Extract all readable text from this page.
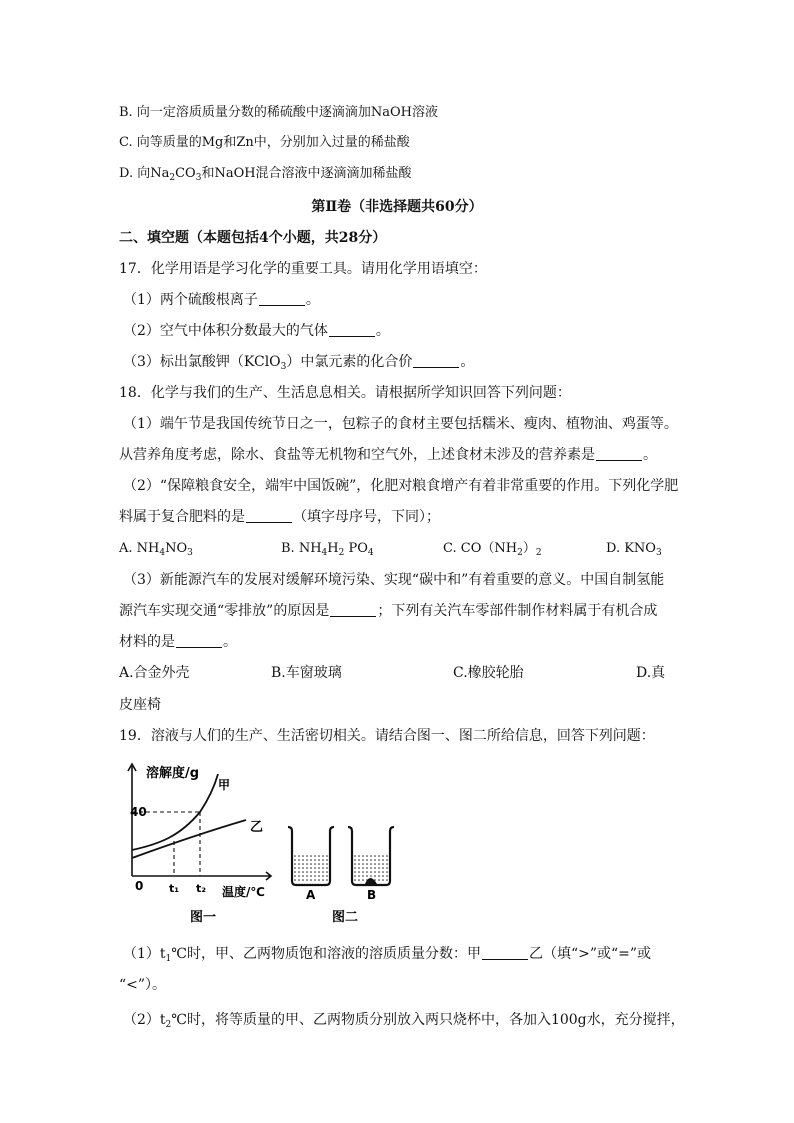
B. 向一定溶质质量分数的稀硫酸中逐滴滴加NaOH溶液
C. 向等质量的Mg和Zn中，分别加入过量的稀盐酸
D. 向$Na_2CO_3$和NaOH混合溶液中逐滴滴加稀盐酸
第Ⅱ卷（非选择题共60分）
二、填空题（本题包括4个小题，共28分）
17．化学用语是学习化学的重要工具。请用化学用语填空：
（1）两个硫酸根离子	。
（2）空气中体积分数最大的气体	。
（3）标出氯酸钾（KClO$_3$）中氯元素的化合价	。
18．化学与我们的生产、生活息息相关。请根据所学知识回答下列问题：
（1）端午节是我国传统节日之一，包粽子的食材主要包括糯米、瘦肉、植物油、鸡蛋等。
从营养角度考虑，除水、食盐等无机物和空气外，上述食材未涉及的营养素是	。
（2）“保障粮食安全，端牢中国饭碗”，化肥对粮食增产有着非常重要的作用。下列化学肥
料属于复合肥料的是	（填字母序号，下同）；
A. $NH_4NO_3$	B. $NH_4H_2$ $PO_4$	C. $CO(NH_2)_2$	D. $KNO_3$
（3）新能源汽车的发展对缓解环境污染、实现“碳中和”有着重要的意义。中国自制氢能
源汽车实现交通“零排放”的原因是	；下列有关汽车零部件制作材料属于有机合成
材料的是	。
A.合金外壳	B.车窗玻璃	C.橡胶轮胎	D.真
皮座椅
19．溶液与人们的生产、生活密切相关。请结合图一、图二所给信息，回答下列问题：
溶解度/g
甲
乙
40
0 t₁ t₂ 温度/℃
图一
A	B
图二
$(1)t_1℃$时，甲、乙两物质饱和溶液的溶质质量分数：甲	乙（填“>”或“=”或
“<”）。
$(2)t_2℃$时，将等质量的甲、乙两物质分别放入两只烧杯中，各加入100g水，充分搅拌，
